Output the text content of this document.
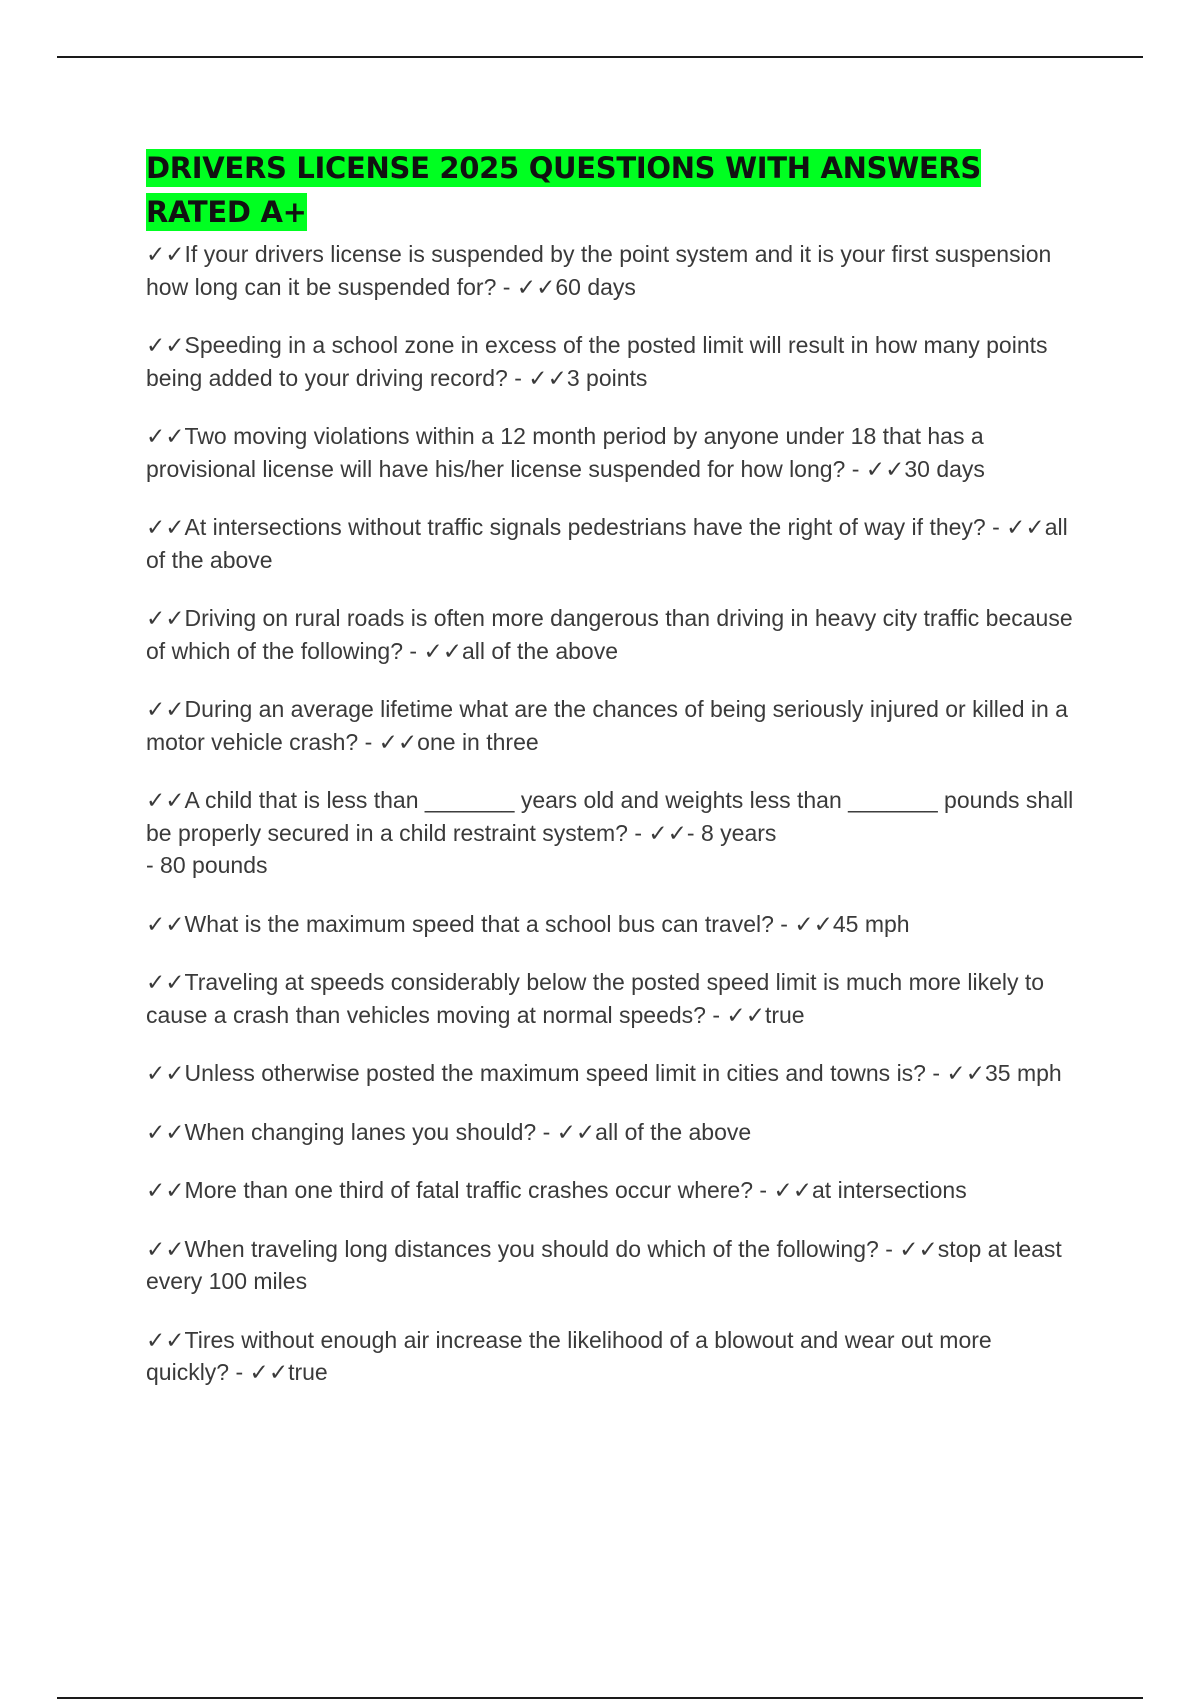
DRIVERS LICENSE 2025 QUESTIONS WITH ANSWERS RATED A+
✓✓If your drivers license is suspended by the point system and it is your first suspension how long can it be suspended for? - ✓✓60 days
✓✓Speeding in a school zone in excess of the posted limit will result in how many points being added to your driving record? - ✓✓3 points
✓✓Two moving violations within a 12 month period by anyone under 18 that has a provisional license will have his/her license suspended for how long? - ✓✓30 days
✓✓At intersections without traffic signals pedestrians have the right of way if they? - ✓✓all of the above
✓✓Driving on rural roads is often more dangerous than driving in heavy city traffic because of which of the following? - ✓✓all of the above
✓✓During an average lifetime what are the chances of being seriously injured or killed in a motor vehicle crash? - ✓✓one in three
✓✓A child that is less than _______ years old and weights less than _______ pounds shall be properly secured in a child restraint system? - ✓✓- 8 years
- 80 pounds
✓✓What is the maximum speed that a school bus can travel? - ✓✓45 mph
✓✓Traveling at speeds considerably below the posted speed limit is much more likely to cause a crash than vehicles moving at normal speeds? - ✓✓true
✓✓Unless otherwise posted the maximum speed limit in cities and towns is? - ✓✓35 mph
✓✓When changing lanes you should? - ✓✓all of the above
✓✓More than one third of fatal traffic crashes occur where? - ✓✓at intersections
✓✓When traveling long distances you should do which of the following? - ✓✓stop at least every 100 miles
✓✓Tires without enough air increase the likelihood of a blowout and wear out more quickly? - ✓✓true
